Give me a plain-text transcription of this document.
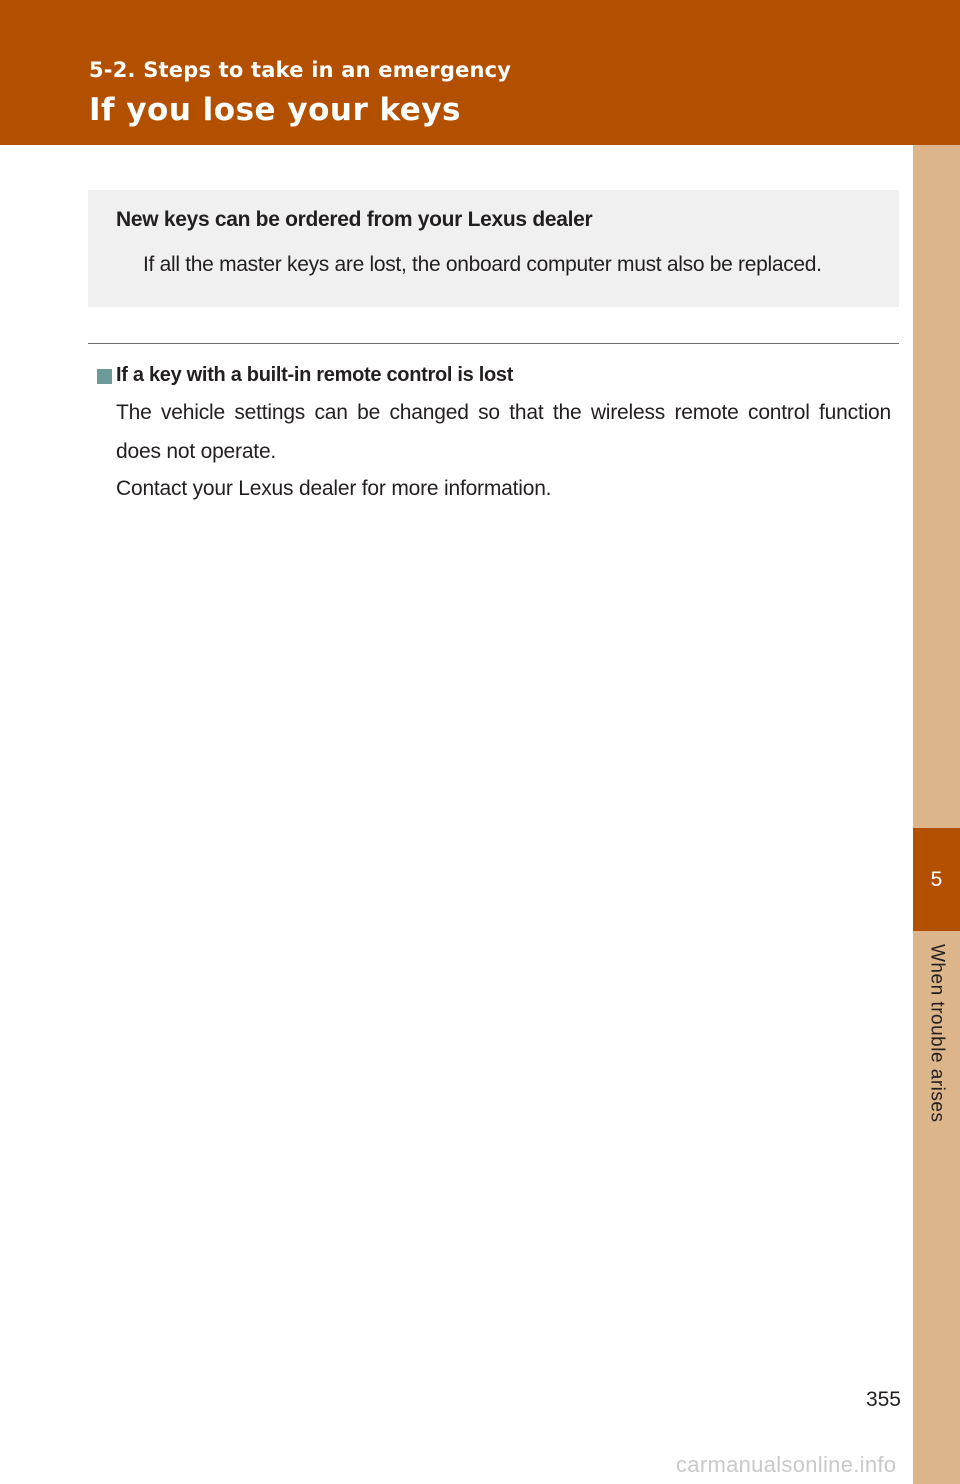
5-2. Steps to take in an emergency
If you lose your keys
5
When trouble arises
New keys can be ordered from your Lexus dealer
If all the master keys are lost, the onboard computer must also be replaced.
If a key with a built-in remote control is lost
The vehicle settings can be changed so that the wireless remote control function
does not operate.
Contact your Lexus dealer for more information.
355
carmanualsonline.info
